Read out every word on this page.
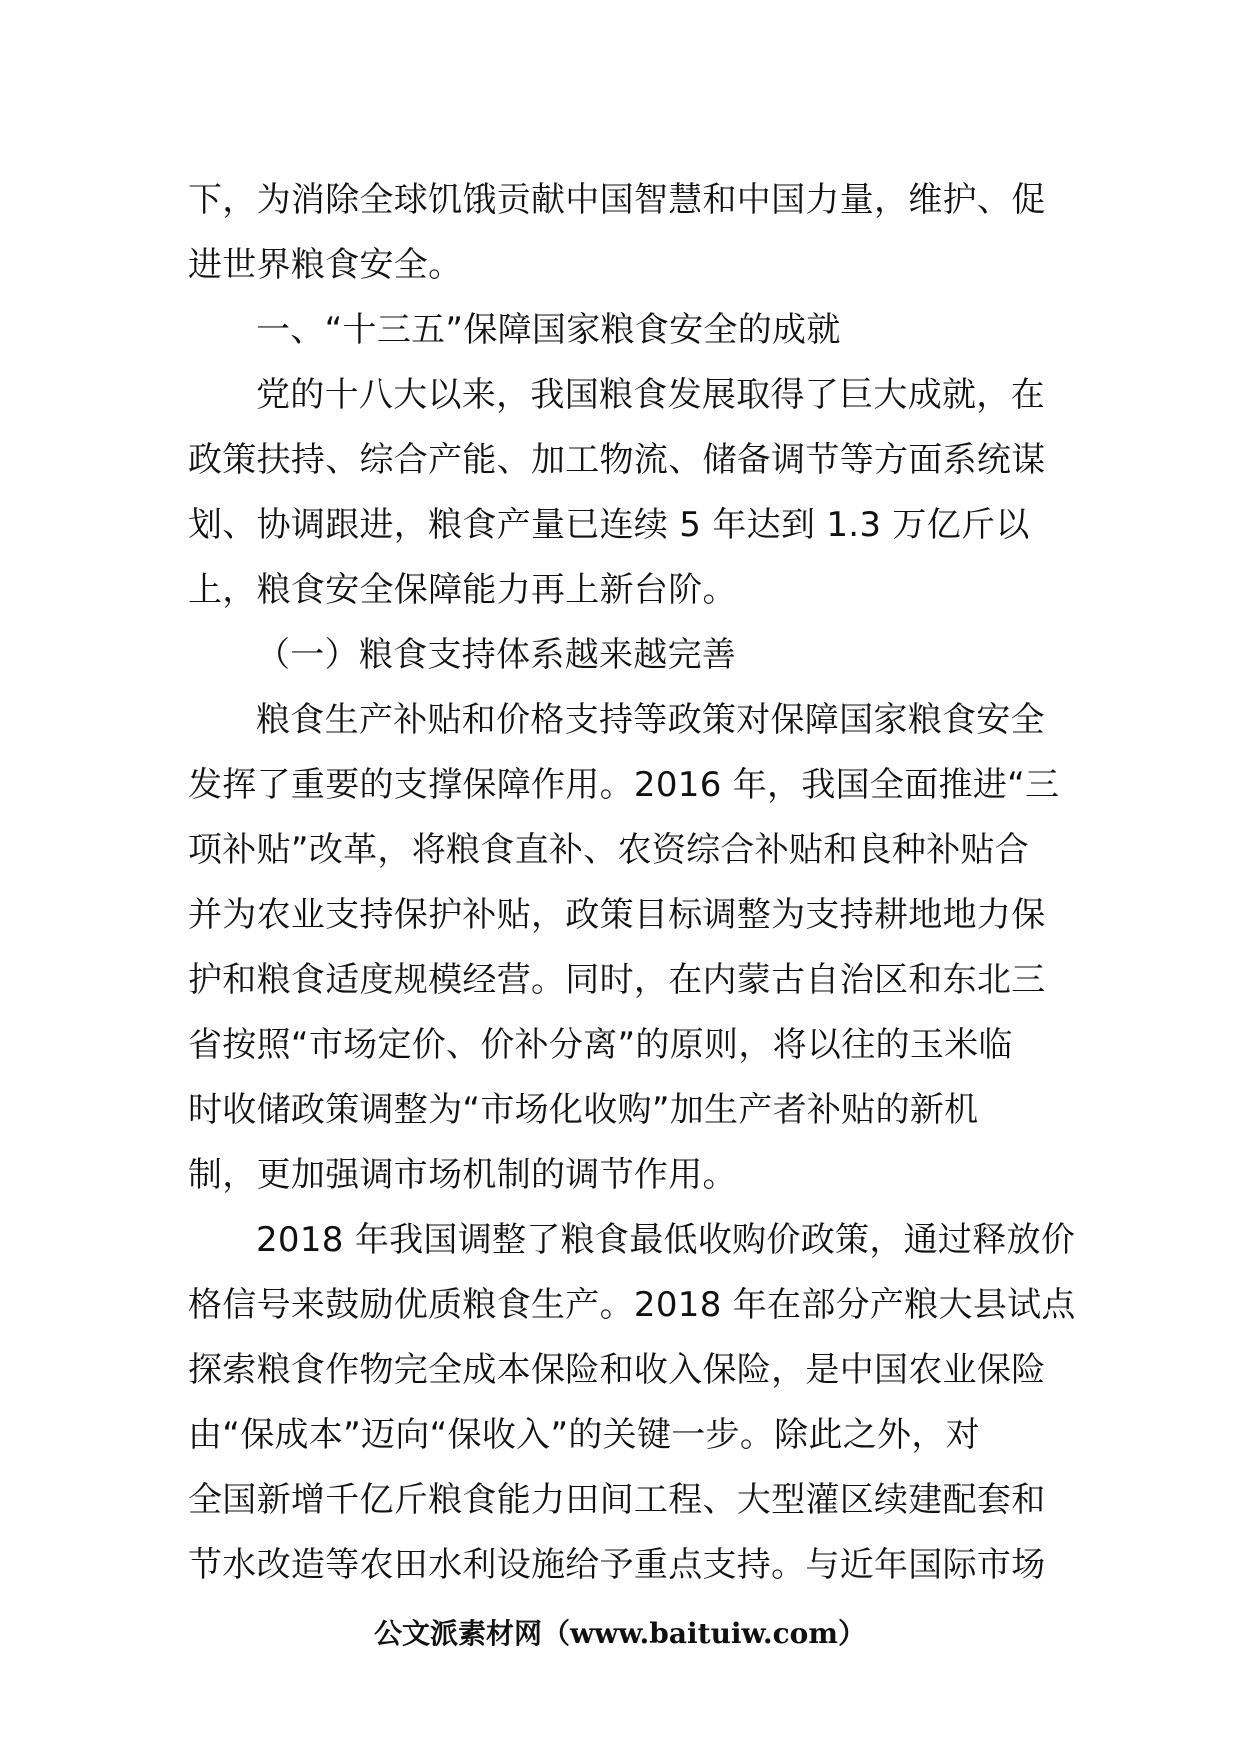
下，为消除全球饥饿贡献中国智慧和中国力量，维护、促
进世界粮食安全。
一、“十三五”保障国家粮食安全的成就
党的十八大以来，我国粮食发展取得了巨大成就，在
政策扶持、综合产能、加工物流、储备调节等方面系统谋
划、协调跟进，粮食产量已连续 5 年达到 1.3 万亿斤以
上，粮食安全保障能力再上新台阶。
（一）粮食支持体系越来越完善
粮食生产补贴和价格支持等政策对保障国家粮食安全
发挥了重要的支撑保障作用。2016 年，我国全面推进“三
项补贴”改革，将粮食直补、农资综合补贴和良种补贴合
并为农业支持保护补贴，政策目标调整为支持耕地地力保
护和粮食适度规模经营。同时，在内蒙古自治区和东北三
省按照“市场定价、价补分离”的原则，将以往的玉米临
时收储政策调整为“市场化收购”加生产者补贴的新机
制，更加强调市场机制的调节作用。
2018 年我国调整了粮食最低收购价政策，通过释放价
格信号来鼓励优质粮食生产。2018 年在部分产粮大县试点
探索粮食作物完全成本保险和收入保险，是中国农业保险
由“保成本”迈向“保收入”的关键一步。除此之外，对
全国新增千亿斤粮食能力田间工程、大型灌区续建配套和
节水改造等农田水利设施给予重点支持。与近年国际市场
公文派素材网（www.baituiw.com）
